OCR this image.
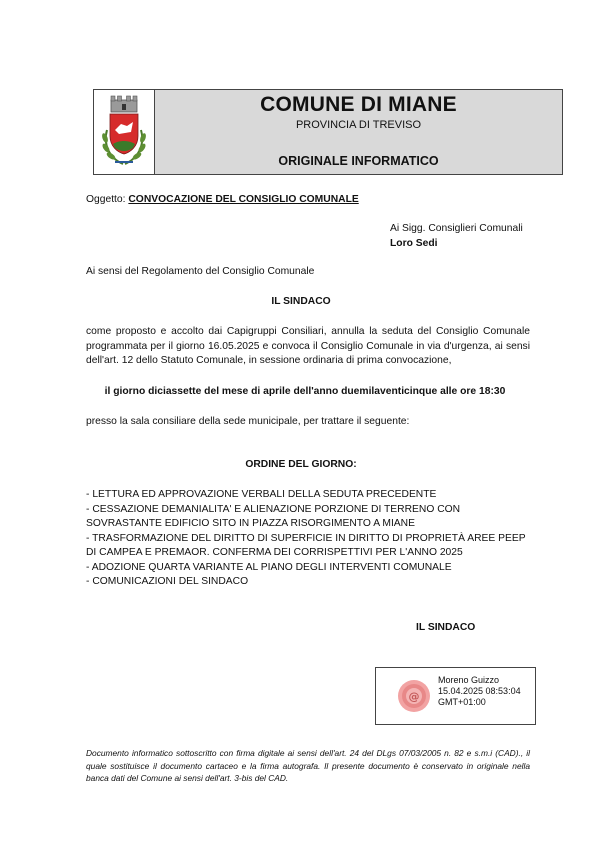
COMUNE DI MIANE
PROVINCIA DI TREVISO
ORIGINALE INFORMATICO
Oggetto: CONVOCAZIONE DEL CONSIGLIO COMUNALE
Ai Sigg. Consiglieri Comunali
Loro Sedi
Ai sensi del Regolamento del Consiglio Comunale
IL SINDACO
come proposto e accolto dai Capigruppi Consiliari, annulla la seduta del Consiglio Comunale programmata per il giorno 16.05.2025 e convoca il Consiglio Comunale in via d'urgenza, ai sensi dell'art. 12 dello Statuto Comunale, in sessione ordinaria di prima convocazione,
il giorno diciassette del mese di aprile dell'anno duemilaventicinque alle ore 18:30
presso la sala consiliare della sede municipale, per trattare il seguente:
ORDINE DEL GIORNO:

- LETTURA ED APPROVAZIONE VERBALI DELLA SEDUTA PRECEDENTE

- CESSAZIONE DEMANIALITA' E ALIENAZIONE PORZIONE DI TERRENO CON SOVRASTANTE EDIFICIO SITO IN PIAZZA RISORGIMENTO A MIANE

- TRASFORMAZIONE DEL DIRITTO DI SUPERFICIE IN DIRITTO DI PROPRIETÀ AREE PEEP DI CAMPEA E PREMAOR. CONFERMA DEI CORRISPETTIVI PER L'ANNO 2025

- ADOZIONE QUARTA VARIANTE AL PIANO DEGLI INTERVENTI COMUNALE

- COMUNICAZIONI DEL SINDACO

IL SINDACO
@
Moreno Guizzo
15.04.2025 08:53:04
GMT+01:00
Documento informatico sottoscritto con firma digitale ai sensi dell'art. 24 del DLgs 07/03/2005 n. 82 e s.m.i (CAD)., il quale sostituisce il documento cartaceo e la firma autografa. Il presente documento è conservato in originale nella banca dati del Comune ai sensi dell'art. 3-bis del CAD.
